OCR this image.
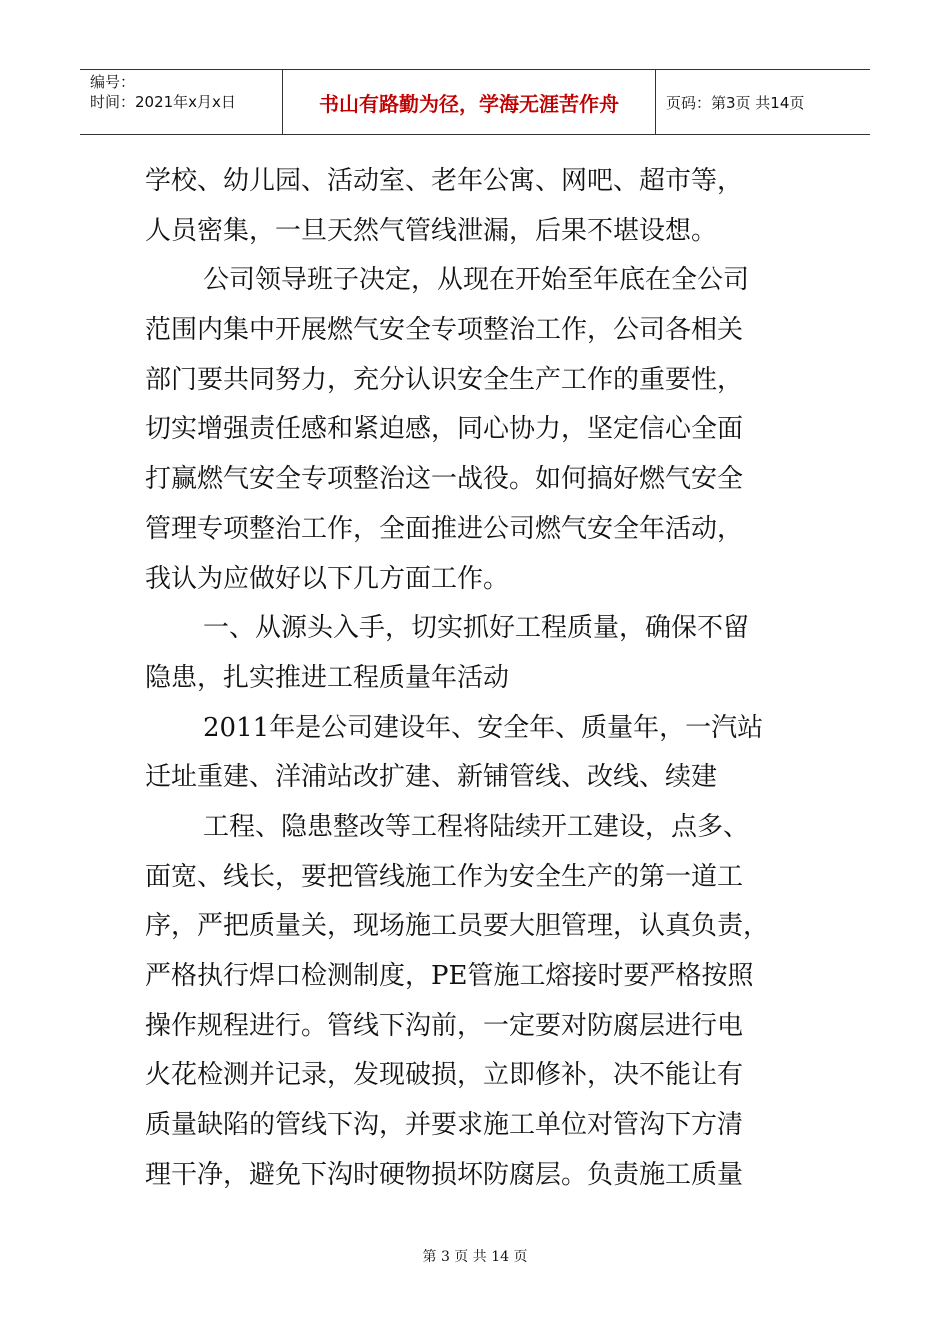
编号：
时间：2021年x月x日	书山有路勤为径，学海无涯苦作舟	页码：第3页 共14页
学校、幼儿园、活动室、老年公寓、网吧、超市等，
人员密集，一旦天然气管线泄漏，后果不堪设想。
公司领导班子决定，从现在开始至年底在全公司
范围内集中开展燃气安全专项整治工作，公司各相关
部门要共同努力，充分认识安全生产工作的重要性，
切实增强责任感和紧迫感，同心协力，坚定信心全面
打赢燃气安全专项整治这一战役。如何搞好燃气安全
管理专项整治工作，全面推进公司燃气安全年活动，
我认为应做好以下几方面工作。
一、从源头入手，切实抓好工程质量，确保不留
隐患，扎实推进工程质量年活动
2011年是公司建设年、安全年、质量年，一汽站
迁址重建、洋浦站改扩建、新铺管线、改线、续建
工程、隐患整改等工程将陆续开工建设，点多、
面宽、线长，要把管线施工作为安全生产的第一道工
序，严把质量关，现场施工员要大胆管理，认真负责，
严格执行焊口检测制度，PE管施工熔接时要严格按照
操作规程进行。管线下沟前，一定要对防腐层进行电
火花检测并记录，发现破损，立即修补，决不能让有
质量缺陷的管线下沟，并要求施工单位对管沟下方清
理干净，避免下沟时硬物损坏防腐层。负责施工质量
第 3 页 共 14 页
